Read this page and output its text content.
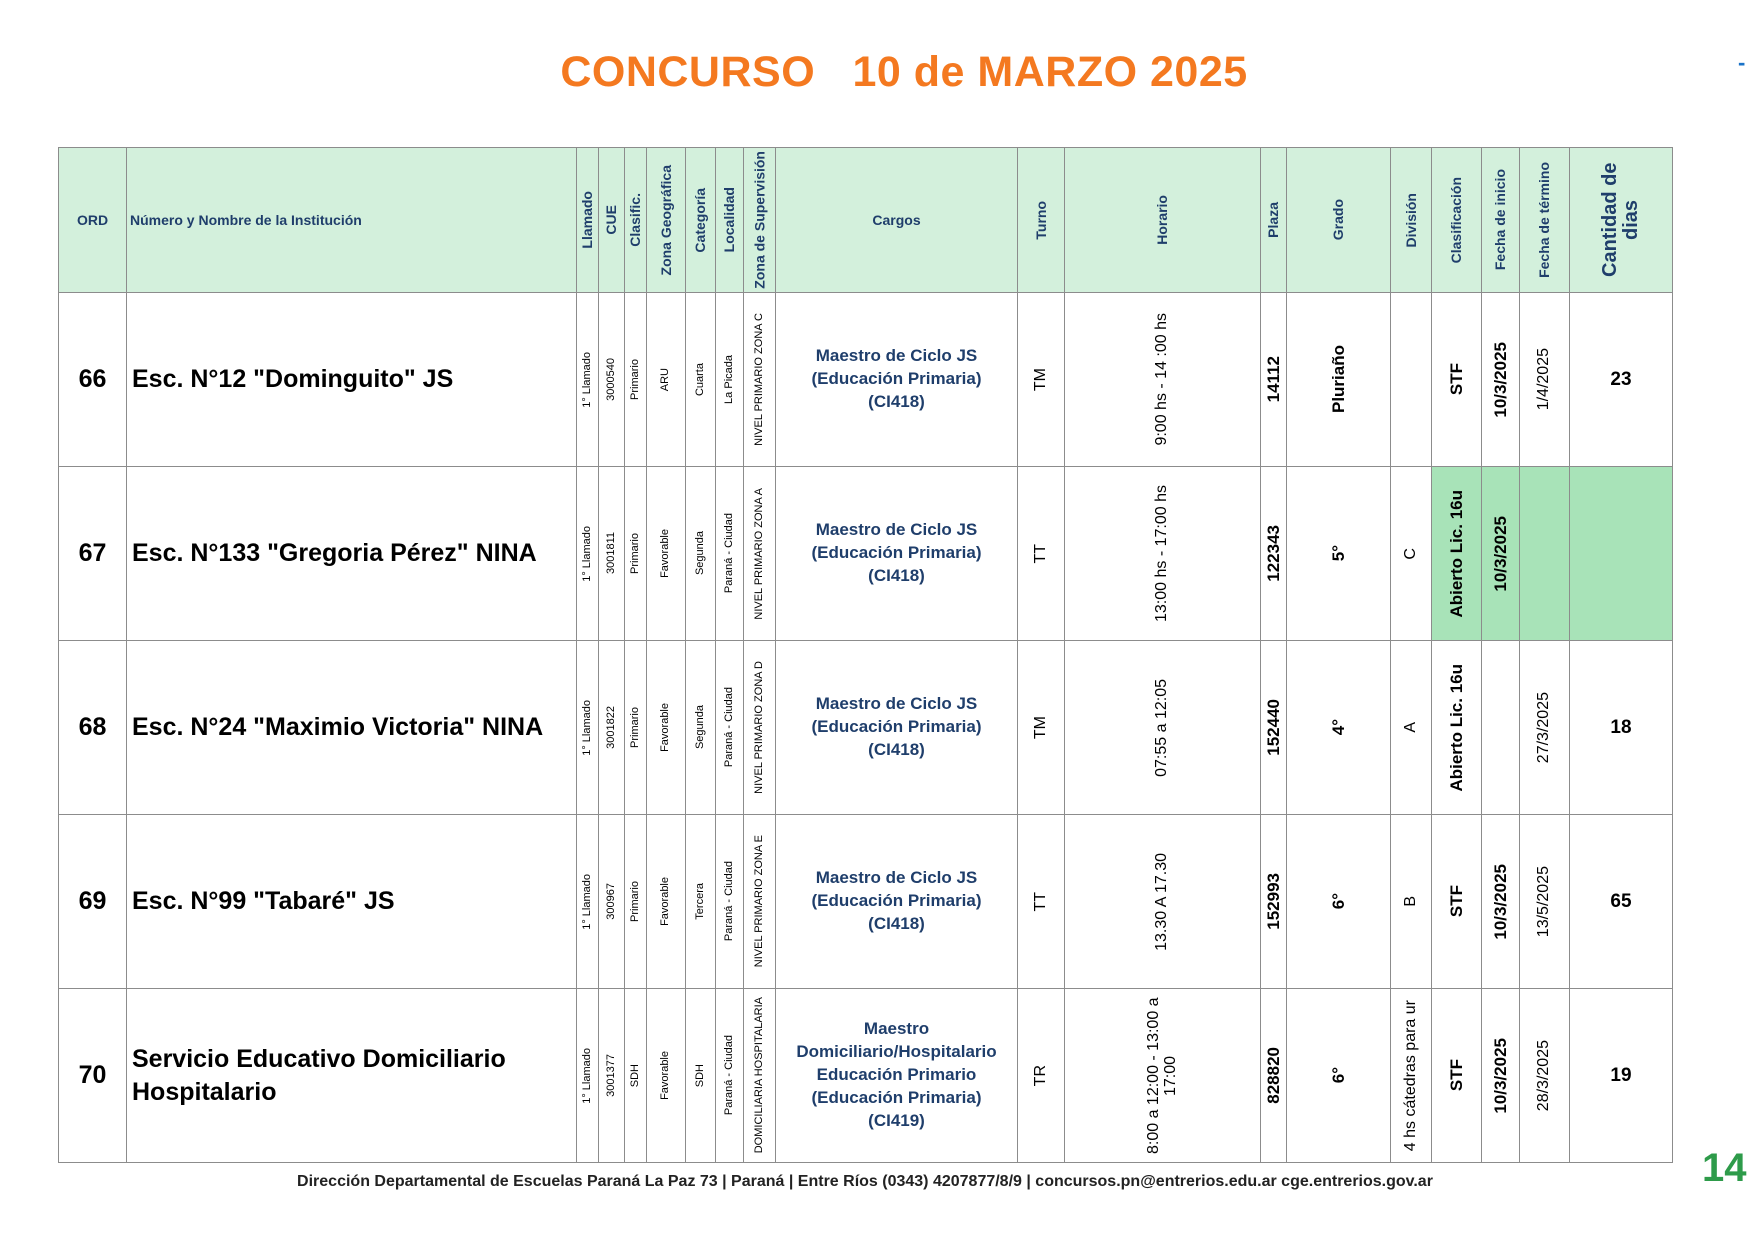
CONCURSO   10 de MARZO 2025	-
ORD	Número y Nombre de la Institución	Llamado	CUE	Clasific.	Zona Geográfica	Categoría	Localidad	Zona de Supervisión	Cargos	Turno	Horario	Plaza	Grado	División	Clasificación	Fecha de inicio	Fecha de término	Cantidad de dias

66	Esc. N°12 "Dominguito" JS	1° Llamado	3000540	Primario	ARU	Cuarta	La Picada	NIVEL PRIMARIO ZONA C	Maestro de Ciclo JS (Educación Primaria) (CI418)	TM	9:00 hs - 14 :00 hs	14112	Pluriaño		STF	10/3/2025	1/4/2025	23
67	Esc. N°133 "Gregoria Pérez" NINA	1° Llamado	3001811	Primario	Favorable	Segunda	Paraná - Ciudad	NIVEL PRIMARIO ZONA A	Maestro de Ciclo JS (Educación Primaria) (CI418)	TT	13:00 hs - 17:00 hs	122343	5°	C	Abierto Lic. 16u	10/3/2025		

68	Esc. N°24 "Maximio Victoria" NINA	1° Llamado	3001822	Primario	Favorable	Segunda	Paraná - Ciudad	NIVEL PRIMARIO ZONA D	Maestro de Ciclo JS (Educación Primaria) (CI418)	TM	07:55 a 12:05	152440	4°	A	Abierto Lic. 16u		27/3/2025	18
69	Esc. N°99 "Tabaré" JS	1° Llamado	300967	Primario	Favorable	Tercera	Paraná - Ciudad	NIVEL PRIMARIO ZONA E	Maestro de Ciclo JS (Educación Primaria) (CI418)	TT	13.30 A 17.30	152993	6°	B	STF	10/3/2025	13/5/2025	65
70	Servicio Educativo Domiciliario Hospitalario	1° Llamado	3001377	SDH	Favorable	SDH	Paraná - Ciudad	DOMICILIARIA HOSPITALARIA	Maestro Domiciliario/Hospitalario Educación Primario (Educación Primaria) (CI419)	TR	8:00 a 12:00 - 13:00 a 17:00	828820	6°	4 hs cátedras para ur	STF	10/3/2025	28/3/2025	19
Dirección Departamental de Escuelas Paraná La Paz 73 | Paraná | Entre Ríos (0343) 4207877/8/9 | concursos.pn@entrerios.edu.ar cge.entrerios.gov.ar	14
